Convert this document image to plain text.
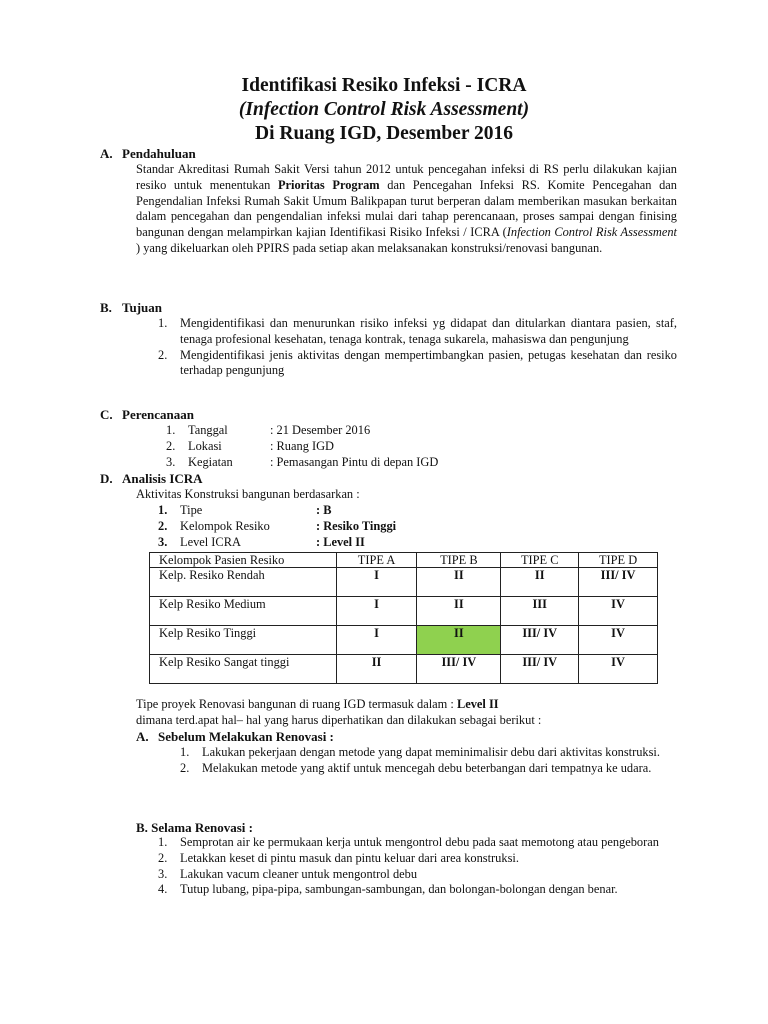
Identifikasi Resiko Infeksi - ICRA
(Infection Control Risk Assessment)
Di Ruang IGD, Desember 2016
A. Pendahuluan
Standar Akreditasi Rumah Sakit Versi tahun 2012 untuk pencegahan infeksi di RS perlu dilakukan kajian resiko untuk menentukan Prioritas Program dan Pencegahan Infeksi RS. Komite Pencegahan dan Pengendalian Infeksi Rumah Sakit Umum Balikpapan turut berperan dalam memberikan masukan berkaitan dalam pencegahan dan pengendalian infeksi mulai dari tahap perencanaan, proses sampai dengan finising bangunan dengan melampirkan kajian Identifikasi Risiko Infeksi / ICRA (Infection Control Risk Assessment ) yang dikeluarkan oleh PPIRS pada setiap akan melaksanakan konstruksi/renovasi bangunan.
B. Tujuan
1. Mengidentifikasi dan menurunkan risiko infeksi yg didapat dan ditularkan diantara pasien, staf, tenaga profesional kesehatan, tenaga kontrak, tenaga sukarela, mahasiswa dan pengunjung
2. Mengidentifikasi jenis aktivitas dengan mempertimbangkan pasien, petugas kesehatan dan resiko terhadap pengunjung
C. Perencanaan
1. Tanggal	: 21 Desember 2016
2. Lokasi	: Ruang IGD
3. Kegiatan	: Pemasangan Pintu di depan IGD
D. Analisis ICRA
Aktivitas Konstruksi bangunan berdasarkan :
1. Tipe	: B
2. Kelompok Resiko	: Resiko Tinggi
3. Level ICRA	: Level II
Kelompok Pasien Resiko	TIPE A	TIPE B	TIPE C	TIPE D
Kelp. Resiko Rendah	I	II	II	III/ IV
Kelp Resiko Medium	I	II	III	IV
Kelp Resiko Tinggi	I	II	III/ IV	IV
Kelp Resiko Sangat tinggi	II	III/ IV	III/ IV	IV
Tipe proyek Renovasi bangunan di ruang IGD termasuk dalam : Level II
dimana terd.apat hal– hal yang harus diperhatikan dan dilakukan sebagai berikut :
A. Sebelum Melakukan Renovasi :
1. Lakukan pekerjaan dengan metode yang dapat meminimalisir debu dari aktivitas konstruksi.
2. Melakukan metode yang aktif untuk mencegah debu beterbangan dari tempatnya ke udara.
B. Selama Renovasi :
1. Semprotan air ke permukaan kerja untuk mengontrol debu pada saat memotong atau pengeboran
2. Letakkan keset di pintu masuk dan pintu keluar dari area konstruksi.
3. Lakukan vacum cleaner untuk mengontrol debu
4. Tutup lubang, pipa-pipa, sambungan-sambungan, dan bolongan-bolongan dengan benar.
